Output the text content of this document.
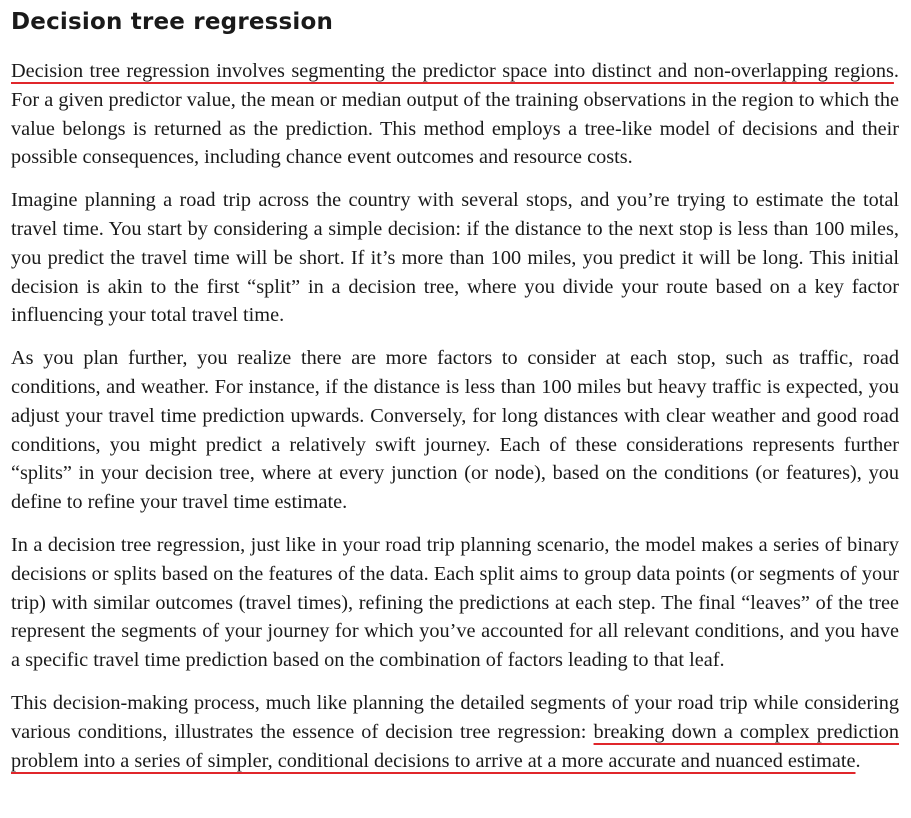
Decision tree regression

Decision tree regression involves segmenting the predictor space into distinct and non-overlapping regions. For a given predictor value, the mean or median output of the training observations in the region to which the value belongs is returned as the prediction. This method employs a tree-like model of decisions and their possible consequences, including chance event outcomes and resource costs.

Imagine planning a road trip across the country with several stops, and you’re trying to estimate the total travel time. You start by considering a simple decision: if the distance to the next stop is less than 100 miles, you predict the travel time will be short. If it’s more than 100 miles, you predict it will be long. This initial decision is akin to the first “split” in a decision tree, where you divide your route based on a key factor influencing your total travel time.

As you plan further, you realize there are more factors to consider at each stop, such as traffic, road conditions, and weather. For instance, if the distance is less than 100 miles but heavy traffic is expected, you adjust your travel time prediction upwards. Conversely, for long distances with clear weather and good road conditions, you might predict a relatively swift journey. Each of these considerations represents further “splits” in your decision tree, where at every junction (or node), based on the conditions (or features), you define to refine your travel time estimate.

In a decision tree regression, just like in your road trip planning scenario, the model makes a series of binary decisions or splits based on the features of the data. Each split aims to group data points (or segments of your trip) with similar outcomes (travel times), refining the predictions at each step. The final “leaves” of the tree represent the segments of your journey for which you’ve accounted for all relevant conditions, and you have a specific travel time prediction based on the combination of factors leading to that leaf.

This decision-making process, much like planning the detailed segments of your road trip while considering various conditions, illustrates the essence of decision tree regression: breaking down a complex prediction problem into a series of simpler, conditional decisions to arrive at a more accurate and nuanced estimate.
